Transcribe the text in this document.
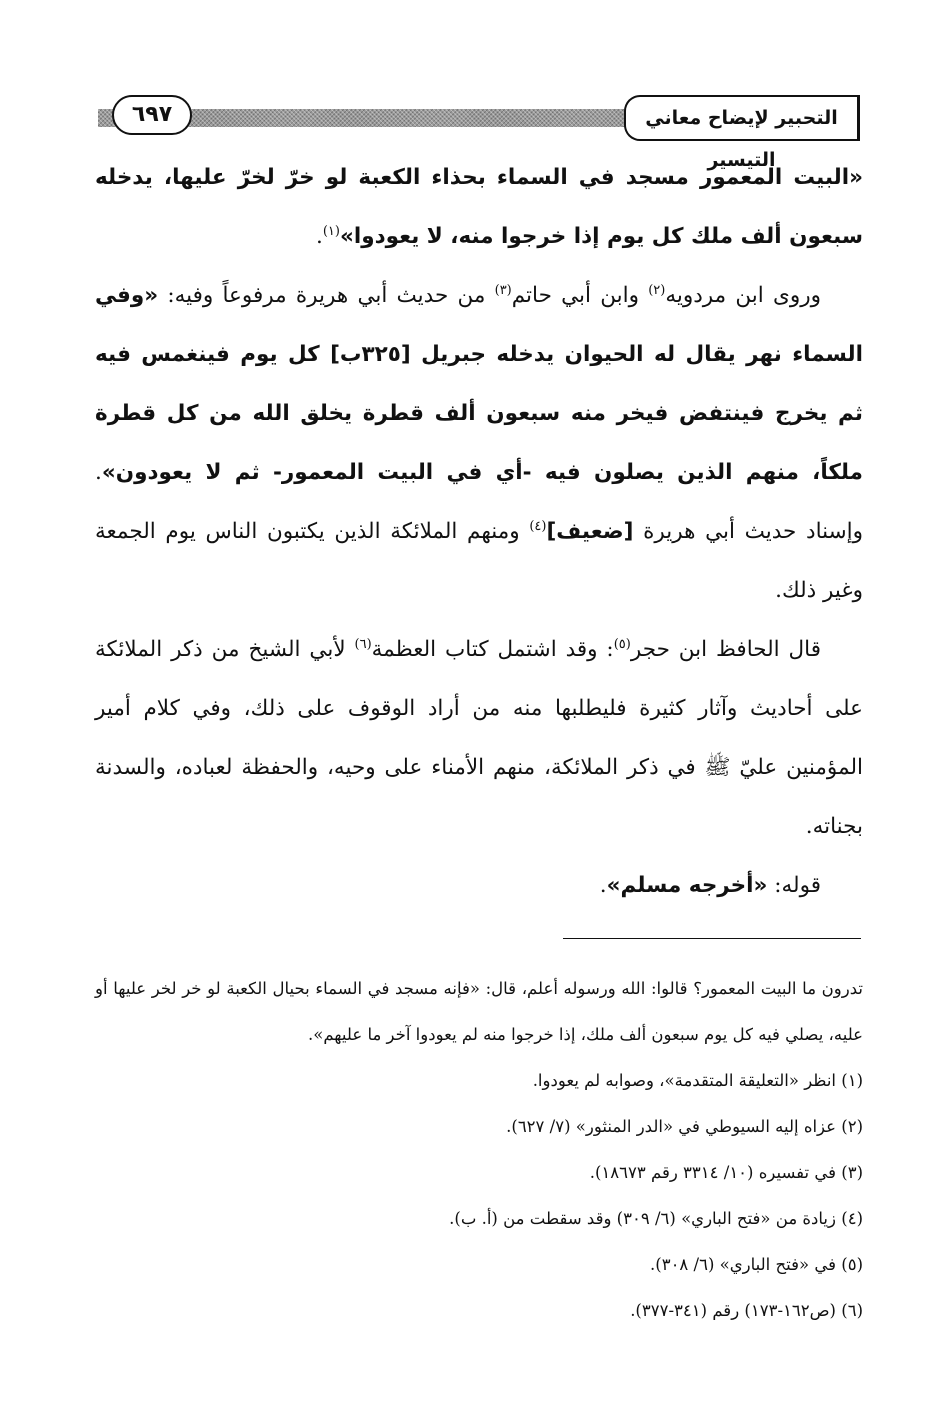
التحبير لإيضاح معاني التيسير
٦٩٧

«البيت المعمور مسجد في السماء بحذاء الكعبة لو خرّ لخرّ عليها، يدخله سبعون ألف ملك كل يوم إذا خرجوا منه، لا يعودوا»$^{(١)}$.

وروى ابن مردويه$^{(٢)}$ وابن أبي حاتم$^{(٣)}$ من حديث أبي هريرة مرفوعاً وفيه: «وفي السماء نهر يقال له الحيوان يدخله جبريل [٣٢٥ب] كل يوم فينغمس فيه ثم يخرج فينتفض فيخر منه سبعون ألف قطرة يخلق الله من كل قطرة ملكاً، منهم الذين يصلون فيه -أي في البيت المعمور- ثم لا يعودون». وإسناد حديث أبي هريرة [ضعيف]$^{(٤)}$ ومنهم الملائكة الذين يكتبون الناس يوم الجمعة وغير ذلك.

قال الحافظ ابن حجر$^{(٥)}$: وقد اشتمل كتاب العظمة$^{(٦)}$ لأبي الشيخ من ذكر الملائكة على أحاديث وآثار كثيرة فليطلبها منه من أراد الوقوف على ذلك، وفي كلام أمير المؤمنين عليّ ﷺ في ذكر الملائكة، منهم الأمناء على وحيه، والحفظة لعباده، والسدنة بجناته.

قوله: «أخرجه مسلم».

تدرون ما البيت المعمور؟ قالوا: الله ورسوله أعلم، قال: «فإنه مسجد في السماء بحيال الكعبة لو خر لخر عليها أو عليه، يصلي فيه كل يوم سبعون ألف ملك، إذا خرجوا منه لم يعودوا آخر ما عليهم».

(١) انظر «التعليقة المتقدمة»، وصوابه لم يعودوا.

(٢) عزاه إليه السيوطي في «الدر المنثور» (٧/ ٦٢٧).

(٣) في تفسيره (١٠/ ٣٣١٤ رقم ١٨٦٧٣).

(٤) زيادة من «فتح الباري» (٦/ ٣٠٩) وقد سقطت من (أ. ب).

(٥) في «فتح الباري» (٦/ ٣٠٨).

(٦) (ص١٦٢-١٧٣) رقم (٣٤١-٣٧٧).
